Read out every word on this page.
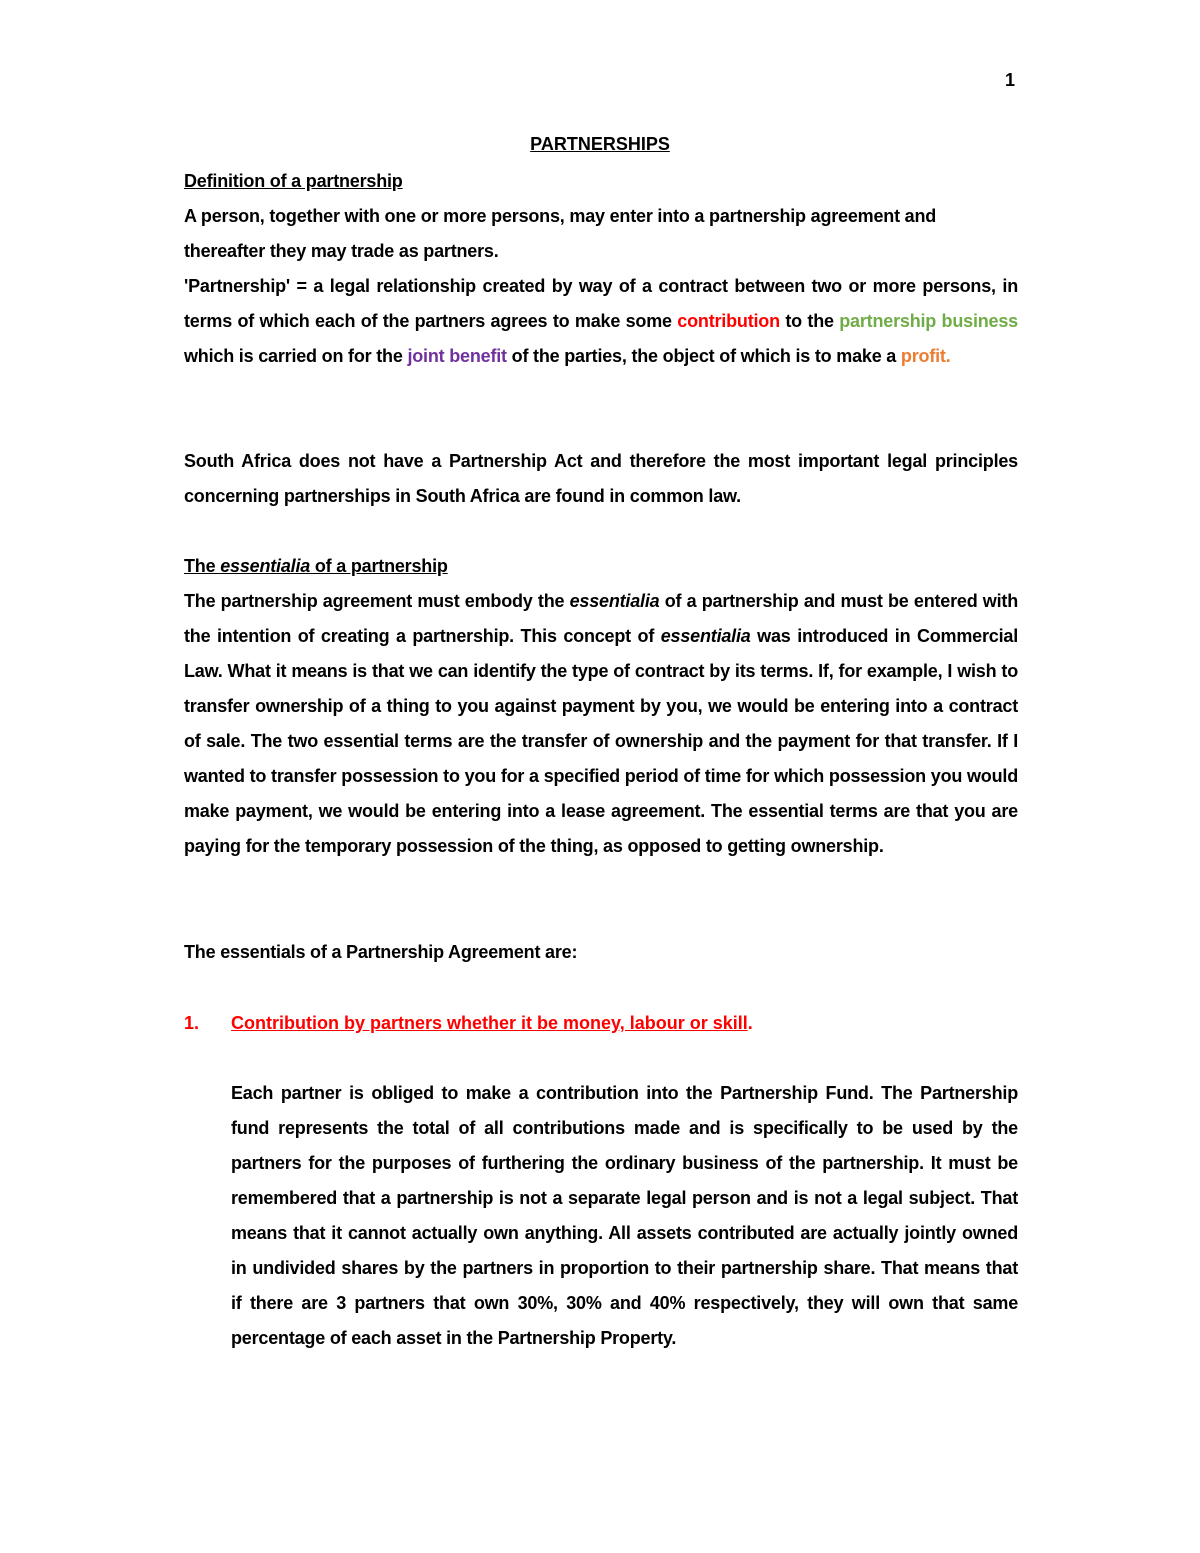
1
PARTNERSHIPS
Definition of a partnership
A person, together with one or more persons, may enter into a partnership agreement and thereafter they may trade as partners.
'Partnership' = a legal relationship created by way of a contract between two or more persons, in terms of which each of the partners agrees to make some contribution to the partnership business which is carried on for the joint benefit of the parties, the object of which is to make a profit.
South Africa does not have a Partnership Act and therefore the most important legal principles concerning partnerships in South Africa are found in common law.
The essentialia of a partnership
The partnership agreement must embody the essentialia of a partnership and must be entered with the intention of creating a partnership. This concept of essentialia was introduced in Commercial Law. What it means is that we can identify the type of contract by its terms. If, for example, I wish to transfer ownership of a thing to you against payment by you, we would be entering into a contract of sale. The two essential terms are the transfer of ownership and the payment for that transfer. If I wanted to transfer possession to you for a specified period of time for which possession you would make payment, we would be entering into a lease agreement. The essential terms are that you are paying for the temporary possession of the thing, as opposed to getting ownership.
The essentials of a Partnership Agreement are:
1. Contribution by partners whether it be money, labour or skill.
Each partner is obliged to make a contribution into the Partnership Fund. The Partnership fund represents the total of all contributions made and is specifically to be used by the partners for the purposes of furthering the ordinary business of the partnership. It must be remembered that a partnership is not a separate legal person and is not a legal subject. That means that it cannot actually own anything. All assets contributed are actually jointly owned in undivided shares by the partners in proportion to their partnership share. That means that if there are 3 partners that own 30%, 30% and 40% respectively, they will own that same percentage of each asset in the Partnership Property.
